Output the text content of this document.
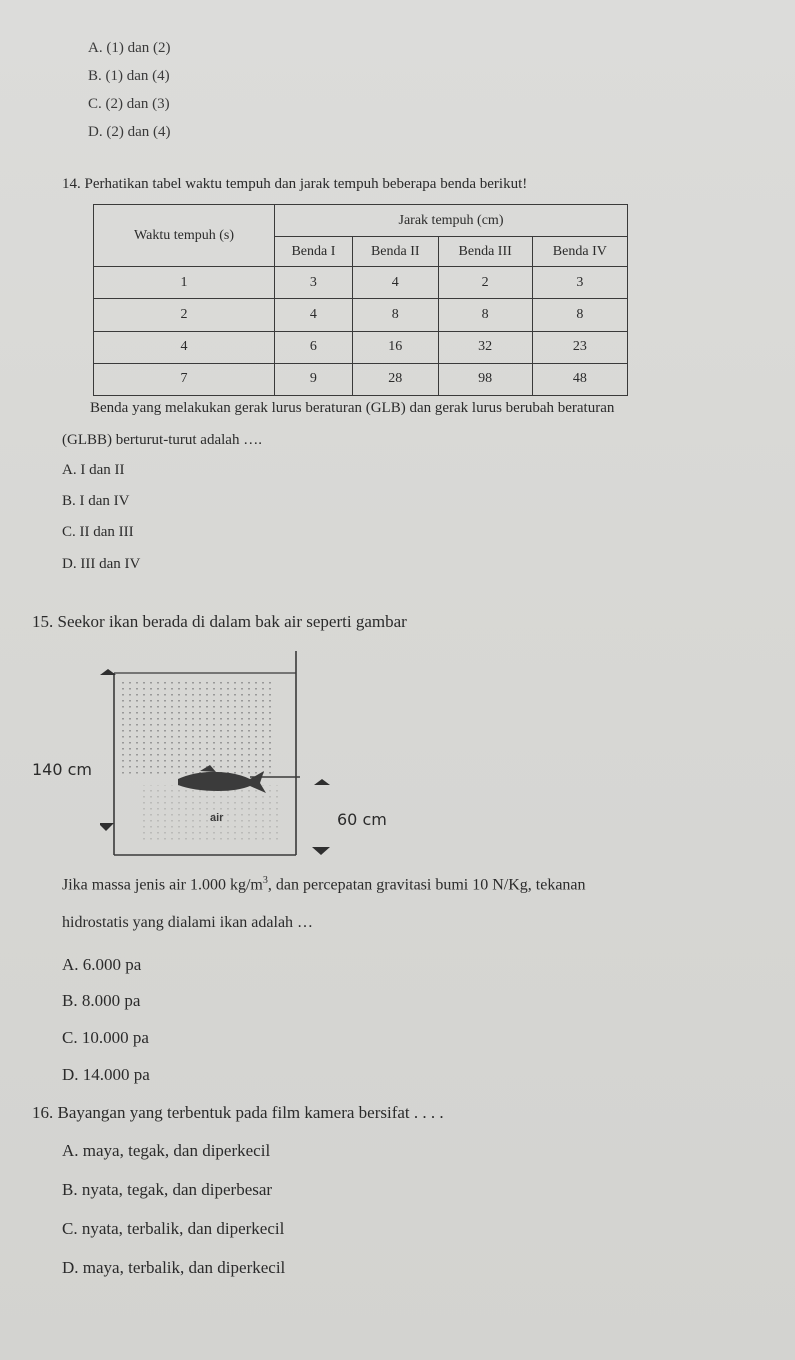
A. (1) dan (2)
B. (1) dan (4)
C. (2) dan (3)
D. (2) dan (4)
14. Perhatikan tabel waktu tempuh dan jarak tempuh beberapa benda berikut!
Waktu tempuh (s)	Jarak tempuh (cm)			
	Benda I	Benda II	Benda III	Benda IV
1	3	4	2	3
2	4	8	8	8
4	6	16	32	23
7	9	28	98	48
Benda yang melakukan gerak lurus beraturan (GLB) dan gerak lurus berubah beraturan
(GLBB) berturut-turut adalah ….
A. I dan II
B. I dan IV
C. II dan III
D. III dan IV
15. Seekor ikan berada di dalam bak air seperti gambar
air
140 cm
60 cm
Jika massa jenis air 1.000 $kg/m^3$, dan percepatan gravitasi bumi 10 N/Kg, tekanan
hidrostatis yang dialami ikan adalah …
A. 6.000 pa
B. 8.000 pa
C. 10.000 pa
D. 14.000 pa
16. Bayangan yang terbentuk pada film kamera bersifat . . . .
A. maya, tegak, dan diperkecil
B. nyata, tegak, dan diperbesar
C. nyata, terbalik, dan diperkecil
D. maya, terbalik, dan diperkecil
